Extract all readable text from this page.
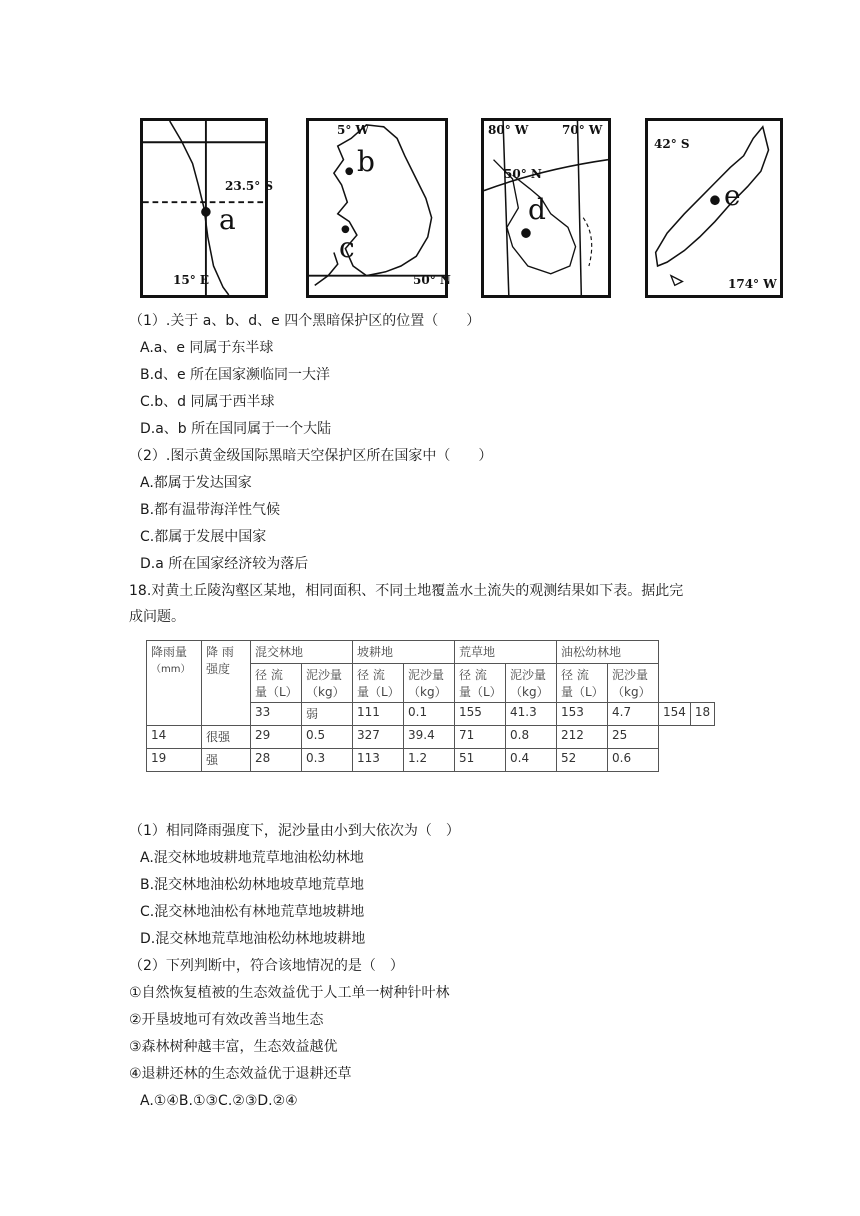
23.5° S
a
15° E
5° W
b
c
50° N
80° W	70° W
50° N
d
42° S
e
174° W
（1）.关于 a、b、d、e 四个黑暗保护区的位置（　　）
A.a、e 同属于东半球
B.d、e 所在国家濒临同一大洋
C.b、d 同属于西半球
D.a、b 所在国同属于一个大陆
（2）.图示黄金级国际黑暗天空保护区所在国家中（　　）
A.都属于发达国家
B.都有温带海洋性气候
C.都属于发展中国家
D.a 所在国家经济较为落后
18.对黄土丘陵沟壑区某地，相同面积、不同土地覆盖水土流失的观测结果如下表。据此完
成问题。
降雨量
（mm）	降 雨 强度	混交林地		坡耕地		荒草地		油松幼林地			
		径 流 量（L）	泥沙量（kg）	径 流 量（L）	泥沙量（kg）	径 流 量（L）	泥沙量（kg）	径 流 量（L）	泥沙量（kg）		
		33	弱	111	0.1	155	41.3	153	4.7	154	18
14	很强	29	0.5	327	39.4	71	0.8	212	25		
19	强	28	0.3	113	1.2	51	0.4	52	0.6		
（1）相同降雨强度下，泥沙量由小到大依次为（　）
A.混交林地坡耕地荒草地油松幼林地
B.混交林地油松幼林地坡草地荒草地
C.混交林地油松有林地荒草地坡耕地
D.混交林地荒草地油松幼林地坡耕地
（2）下列判断中，符合该地情况的是（　）
①自然恢复植被的生态效益优于人工单一树种针叶林
②开垦坡地可有效改善当地生态
③森林树种越丰富，生态效益越优
④退耕还林的生态效益优于退耕还草
A.①④B.①③C.②③D.②④
